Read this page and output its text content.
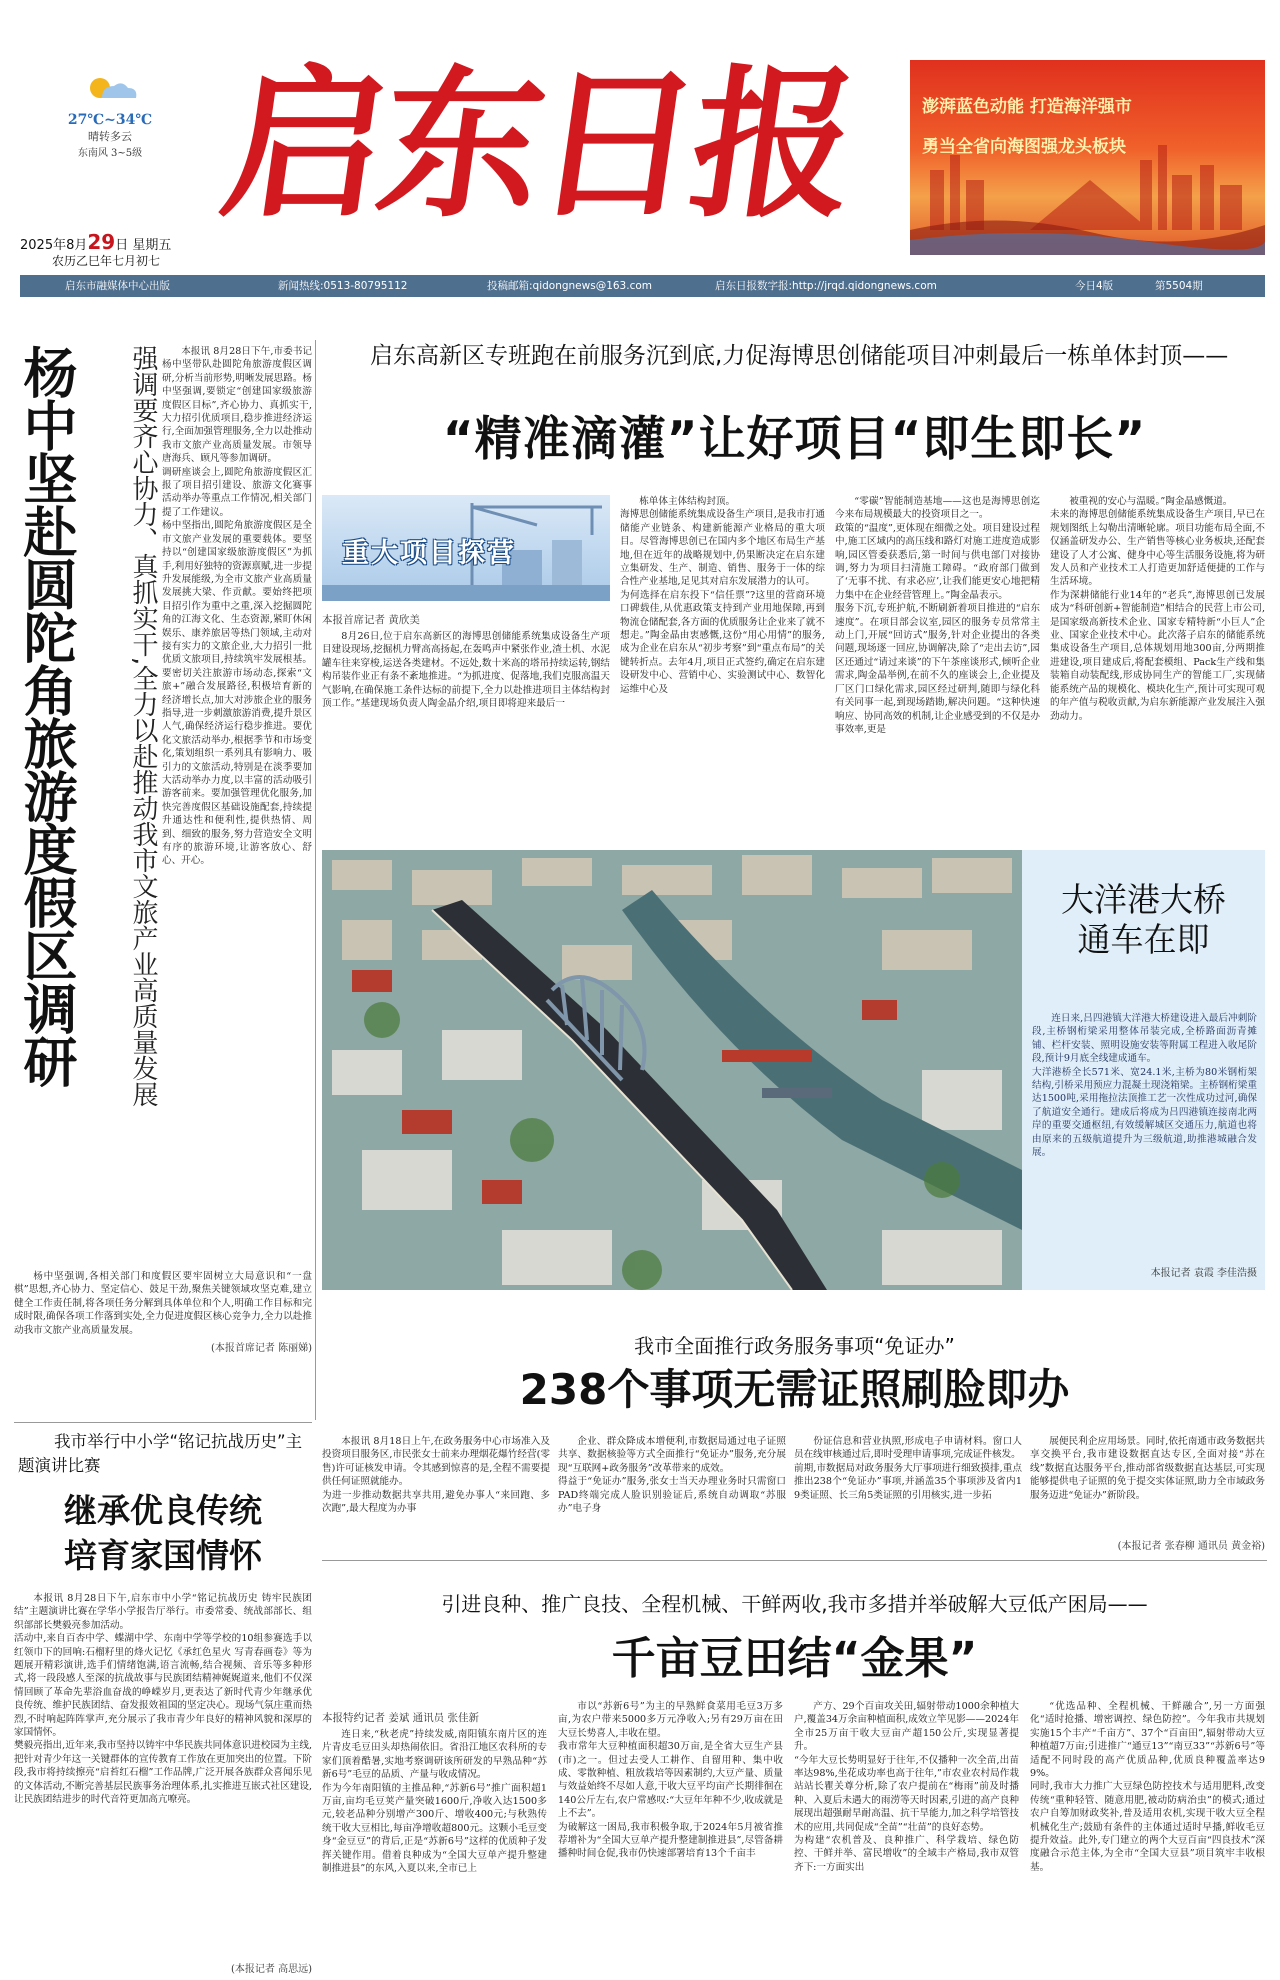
27℃~34℃
晴转多云
东南风 3~5级
2025年8月29日 星期五
农历乙巳年七月初七
启东日报	澎湃蓝色动能 打造海洋强市
勇当全省向海图强龙头板块
启东市融媒体中心出版	新闻热线:0513-80795112	投稿邮箱:qidongnews@163.com	启东日报数字报:http://jrqd.qidongnews.com	今日4版	第5504期
杨中坚赴圆陀角旅游度假区调研	强调要齐心协力、真抓实干,全力以赴推动我市文旅产业高质量发展	本报讯 8月28日下午,市委书记杨中坚带队赴圆陀角旅游度假区调研,分析当前形势,明晰发展思路。杨中坚强调,要锁定“创建国家级旅游度假区目标”,齐心协力、真抓实干,大力招引优质项目,稳步推进经济运行,全面加强管理服务,全力以赴推动我市文旅产业高质量发展。市领导唐海兵、顾凡等参加调研。
调研座谈会上,圆陀角旅游度假区汇报了项目招引建设、旅游文化赛事活动举办等重点工作情况,相关部门提了工作建议。
杨中坚指出,圆陀角旅游度假区是全市文旅产业发展的重要载体。要坚持以“创建国家级旅游度假区”为抓手,利用好独特的资源禀赋,进一步提升发展能级,为全市文旅产业高质量发展挑大梁、作贡献。要始终把项目招引作为重中之重,深入挖掘圆陀角的江海文化、生态资源,紧盯休闲娱乐、康养旅居等热门领域,主动对接有实力的文旅企业,大力招引一批优质文旅项目,持续筑牢发展根基。要密切关注旅游市场动态,探索“文旅+”融合发展路径,积极培育新的经济增长点,加大对涉旅企业的服务指导,进一步刺激旅游消费,提升景区人气,确保经济运行稳步推进。要优化文旅活动举办,根据季节和市场变化,策划组织一系列具有影响力、吸引力的文旅活动,特别是在淡季要加大活动举办力度,以丰富的活动吸引游客前来。要加强管理优化服务,加快完善度假区基础设施配套,持续提升通达性和便利性,提供热情、周到、细致的服务,努力营造安全文明有序的旅游环境,让游客放心、舒心、开心。

杨中坚强调,各相关部门和度假区要牢固树立大局意识和“一盘棋”思想,齐心协力、坚定信心、鼓足干劲,聚焦关键领域攻坚克难,建立健全工作责任制,将各项任务分解到具体单位和个人,明确工作目标和完成时限,确保各项工作落到实处,全力促进度假区核心竞争力,全力以赴推动我市文旅产业高质量发展。

(本报首席记者 陈丽娣)
启东高新区专班跑在前服务沉到底,力促海博思创储能项目冲刺最后一栋单体封顶——
“精准滴灌”让好项目“即生即长”
重大项目探营
本报首席记者 黄欣美

8月26日,位于启东高新区的海博思创储能系统集成设备生产项目建设现场,挖掘机力臂高高扬起,在轰鸣声中紧张作业,渣土机、水泥罐车往来穿梭,运送各类建材。不远处,数十米高的塔吊持续运转,钢结构吊装作业正有条不紊地推进。“为抓进度、促落地,我们克服高温天气影响,在确保施工条件达标的前提下,全力以赴推进项目主体结构封顶工作。”基建现场负责人陶金晶介绍,项目即将迎来最后一

栋单体主体结构封顶。
海博思创储能系统集成设备生产项目,是我市打通储能产业链条、构建新能源产业格局的重大项目。尽管海博思创已在国内多个地区布局生产基地,但在近年的战略规划中,仍果断决定在启东建立集研发、生产、制造、销售、服务于一体的综合性产业基地,足见其对启东发展潜力的认可。
为何选择在启东投下“信任票”?这里的营商环境口碑载佳,从优惠政策支持到产业用地保障,再到物流仓储配套,各方面的优质服务让企业来了就不想走。”陶金晶由衷感慨,这份“用心用情”的服务,成为企业在启东从“初步考察”到“重点布局”的关键转折点。去年4月,项目正式签约,确定在启东建设研发中心、营销中心、实验测试中心、数智化运维中心及

“零碳”智能制造基地——这也是海博思创迄今来布局规模最大的投资项目之一。
政策的“温度”,更体现在细微之处。项目建设过程中,施工区域内的高压线和路灯对施工进度造成影响,园区管委获悉后,第一时间与供电部门对接协调,努力为项目扫清施工障碍。“政府部门做到了‘无事不扰、有求必应’,让我们能更安心地把精力集中在企业经营管理上。”陶金晶表示。
服务下沉,专班护航,不断刷新着项目推进的“启东速度”。在项目部会议室,园区的服务专员常常主动上门,开展“回访式”服务,针对企业提出的各类问题,现场逐一回应,协调解决,除了“走出去访”,园区还通过“请过来谈”的下午茶座谈形式,倾听企业需求,陶金晶举例,在前不久的座谈会上,企业提及厂区门口绿化需求,园区经过研判,随即与绿化科有关同事一起,到现场踏勘,解决问题。“这种快速响应、协同高效的机制,让企业感受到的不仅是办事效率,更是

被重视的安心与温暖。”陶金晶感慨道。
未来的海博思创储能系统集成设备生产项目,早已在规划图纸上勾勒出清晰轮廓。项目功能布局全面,不仅涵盖研发办公、生产销售等核心业务板块,还配套建设了人才公寓、健身中心等生活服务设施,将为研发人员和产业技术工人打造更加舒适便捷的工作与生活环境。
作为深耕储能行业14年的“老兵”,海博思创已发展成为“科研创新+智能制造”相结合的民营上市公司,是国家级高新技术企业、国家专精特新“小巨人”企业、国家企业技术中心。此次落子启东的储能系统集成设备生产项目,总体规划用地300亩,分两期推进建设,项目建成后,将配套模组、Pack生产线和集装箱自动装配线,形成协同生产的智能工厂,实现储能系统产品的规模化、模块化生产,预计可实现可观的年产值与税收贡献,为启东新能源产业发展注入强劲动力。

大洋港大桥
通车在即

连日来,吕四港镇大洋港大桥建设进入最后冲刺阶段,主桥钢桁梁采用整体吊装完成,全桥路面沥青摊铺、栏杆安装、照明设施安装等附属工程进入收尾阶段,预计9月底全线建成通车。
大洋港桥全长571米、宽24.1米,主桥为80米钢桁架结构,引桥采用预应力混凝土现浇箱梁。主桥钢桁梁重达1500吨,采用拖拉法顶推工艺一次性成功过河,确保了航道安全通行。建成后将成为吕四港镇连接南北两岸的重要交通枢纽,有效缓解城区交通压力,航道也将由原来的五级航道提升为三级航道,助推港城融合发展。

本报记者 袁霞 李佳浩摄
我市全面推行政务服务事项“免证办”
238个事项无需证照刷脸即办

本报讯 8月18日上午,在政务服务中心市场准入及投资项目服务区,市民张女士前来办理烟花爆竹经营(零售)许可证核发申请。令其感到惊喜的是,全程不需要提供任何证照就能办。
为进一步推动数据共享共用,避免办事人“来回跑、多次跑”,最大程度为办事

企业、群众降成本增便利,市数据局通过电子证照共享、数据核验等方式全面推行“免证办”服务,充分展现“互联网+政务服务”改革带来的成效。
得益于“免证办”服务,张女士当天办理业务时只需窗口PAD终端完成人脸识别验证后,系统自动调取“苏服办”电子身

份证信息和营业执照,形成电子申请材料。窗口人员在线审核通过后,即时受理申请事项,完成证件核发。
前期,市数据局对政务服务大厅事项进行细致摸排,重点推出238个“免证办”事项,并涵盖35个事项涉及省内19类证照、长三角5类证照的引用核实,进一步拓

展便民利企应用场景。同时,依托南通市政务数据共享交换平台,我市建设数据直达专区,全面对接“苏在线”数据直达服务平台,推动部省级数据直达基层,可实现能够提供电子证照的免于提交实体证照,助力全市域政务服务迈进“免证办”新阶段。

(本报记者 张春柳 通讯员 黄金裕)
我市举行中小学“铭记抗战历史”主题演讲比赛
继承优良传统
培育家国情怀

本报讯 8月28日下午,启东市中小学“铭记抗战历史 铸牢民族团结”主题演讲比赛在学华小学报告厅举行。市委常委、统战部部长、组织部部长樊毅亮参加活动。
活动中,来自百杏中学、蝶湖中学、东南中学等学校的10组参赛选手以红领巾下的回响:石榴籽里的烽火记忆《承红色星火 写青春画卷》等为题展开精彩演讲,选手们情绪饱满,语言流畅,结合视频、音乐等多种形式,将一段段感人至深的抗战故事与民族团结精神娓娓道来,他们不仅深情回顾了革命先辈浴血奋战的峥嵘岁月,更表达了新时代青少年继承优良传统、维护民族团结、奋发报效祖国的坚定决心。现场气氛庄重而热烈,不时响起阵阵掌声,充分展示了我市青少年良好的精神风貌和深厚的家国情怀。
樊毅亮指出,近年来,我市坚持以铸牢中华民族共同体意识进校园为主线,把针对青少年这一关键群体的宣传教育工作放在更加突出的位置。下阶段,我市将持续擦亮“启苔红石榴”工作品牌,广泛开展各族群众喜闻乐见的文体活动,不断完善基层民族事务治理体系,扎实推进互嵌式社区建设,让民族团结进步的时代音符更加高亢嘹亮。

(本报记者 高思远)
引进良种、推广良技、全程机械、干鲜两收,我市多措并举破解大豆低产困局——
千亩豆田结“金果”
本报特约记者 姜斌 通讯员 张佳新

连日来,“秋老虎”持续发威,南阳镇东南片区的连片青皮毛豆田头却热闹依旧。省沿江地区农科所的专家们顶着酷暑,实地考察调研该所研发的早熟品种“苏新6号”毛豆的品质、产量与收成情况。
作为今年南阳镇的主推品种,“苏新6号”推广面积超1万亩,亩均毛豆荚产量突破1600斤,净收入达1500多元,较老品种分别增产300斤、增收400元;与秋熟传统干收大豆相比,每亩净增收超800元。这颗小毛豆变身“金豆豆”的背后,正是“苏新6号”这样的优质种子发挥关键作用。借着良种成为“全国大豆单产提升整建制推进县”的东风,入夏以来,全市已上

市以“苏新6号”为主的早熟鲜食菜用毛豆3万多亩,为农户带来5000多万元净收入;另有29万亩在田大豆长势喜人,丰收在望。
我市常年大豆种植面积超30万亩,是全省大豆生产县(市)之一。但过去受人工耕作、自留用种、集中收成、零散种植、粗放栽培等因素制约,大豆产量、质量与效益始终不尽如人意,干收大豆平均亩产长期徘徊在140公斤左右,农户常感叹:“大豆年年种不少,收成就是上不去”。
为破解这一困局,我市积极争取,于2024年5月被省推荐增补为“全国大豆单产提升整建制推进县”,尽管备耕播种时间仓促,我市仍快速部署培育13个千亩丰

产方、29个百亩攻关田,辐射带动1000余种植大户,覆盖34万余亩种植面积,成效立竿见影——2024年全市25万亩干收大豆亩产超150公斤,实现显著提升。
“今年大豆长势明显好于往年,不仅播种一次全苗,出苗率达98%,坐花成功率也高于往年,”市农业农村局作栽站站长瞿关尊分析,除了农户提前在“梅雨”前及时播种、入夏后未遇大的雨涝等天时因素,引进的高产良种展现出超强耐旱耐高温、抗干旱能力,加之科学培管技术的应用,共同促成“全苗”“壮苗”的良好态势。
为构建“农机普及、良种推广、科学栽培、绿色防控、干鲜并举、富民增收”的全域丰产格局,我市双管齐下:一方面实出

“优选品种、全程机械、干鲜融合”,另一方面强化“适时抢播、增密调控、绿色防控”。今年我市共规划实施15个丰产“千亩方”、37个“百亩田”,辐射带动大豆种植超7万亩;引进推广“通豆13”“南豆33”“苏新6号”等适配不同时段的高产优质品种,优质良种覆盖率达99%。
同时,我市大力推广大豆绿色防控技术与适用肥料,改变传统“重种轻管、随意用肥,被动防病治虫”的模式;通过农户自筹加财政奖补,普及适用农机,实现干收大豆全程机械化生产;鼓励有条件的主体通过适时早播,鲜收毛豆提升效益。此外,专门建立的两个大豆百亩“四良技术”深度融合示范主体,为全市“全国大豆县”项目筑牢丰收根基。
